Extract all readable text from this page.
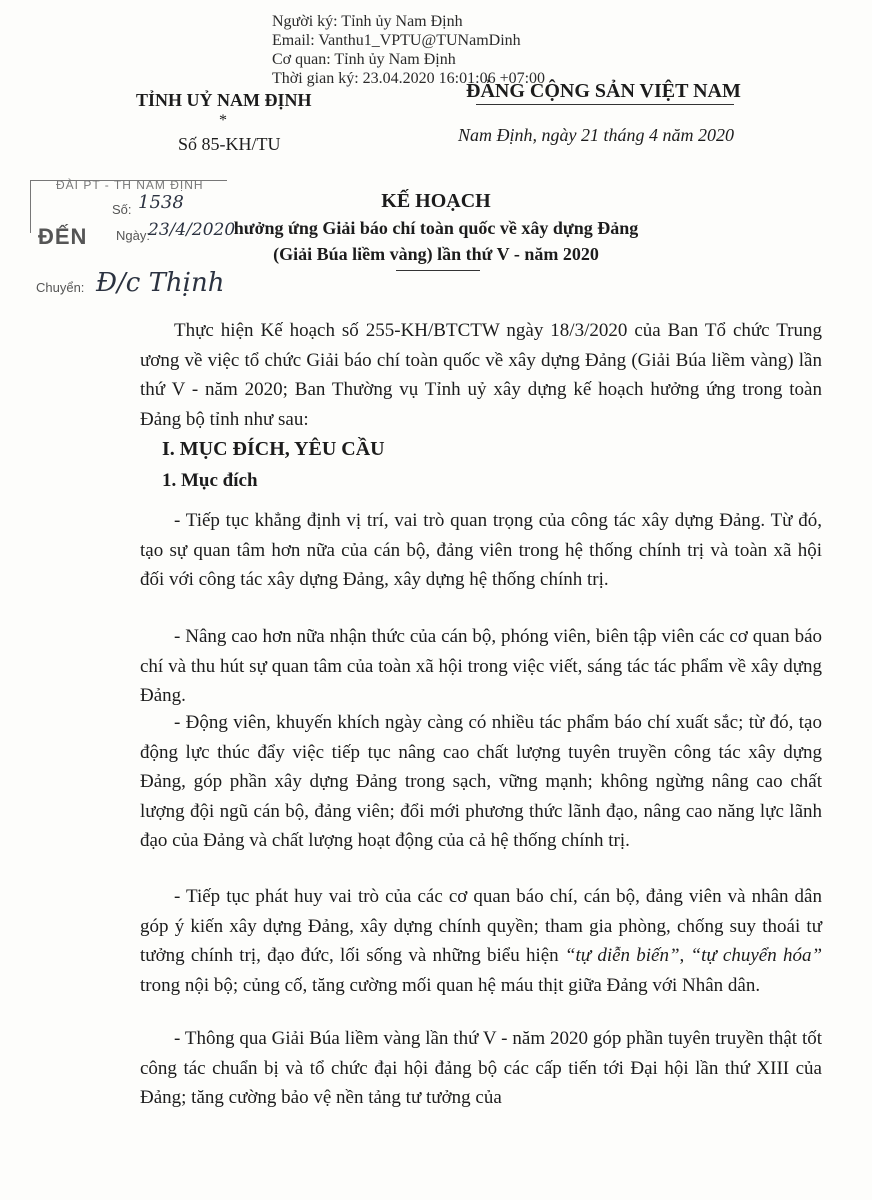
Người ký: Tỉnh ủy Nam Định
Email: Vanthu1_VPTU@TUNamDinh
Cơ quan: Tỉnh ủy Nam Định
Thời gian ký: 23.04.2020 16:01:06 +07:00
TỈNH UỶ NAM ĐỊNH
*
Số 85-KH/TU
ĐẢNG CỘNG SẢN VIỆT NAM
Nam Định, ngày 21 tháng 4 năm 2020
ĐÀI PT - TH NAM ĐỊNH
Số: 1538
ĐẾN Ngày:
23/4/2020
Chuyển: Đ/c Thịnh
KẾ HOẠCH
hưởng ứng Giải báo chí toàn quốc về xây dựng Đảng
(Giải Búa liềm vàng) lần thứ V - năm 2020

Thực hiện Kế hoạch số 255-KH/BTCTW ngày 18/3/2020 của Ban Tổ chức Trung ương về việc tổ chức Giải báo chí toàn quốc về xây dựng Đảng (Giải Búa liềm vàng) lần thứ V - năm 2020; Ban Thường vụ Tỉnh uỷ xây dựng kế hoạch hưởng ứng trong toàn Đảng bộ tỉnh như sau:

I. MỤC ĐÍCH, YÊU CẦU
1. Mục đích

- Tiếp tục khẳng định vị trí, vai trò quan trọng của công tác xây dựng Đảng. Từ đó, tạo sự quan tâm hơn nữa của cán bộ, đảng viên trong hệ thống chính trị và toàn xã hội đối với công tác xây dựng Đảng, xây dựng hệ thống chính trị.

- Nâng cao hơn nữa nhận thức của cán bộ, phóng viên, biên tập viên các cơ quan báo chí và thu hút sự quan tâm của toàn xã hội trong việc viết, sáng tác tác phẩm về xây dựng Đảng.

- Động viên, khuyến khích ngày càng có nhiều tác phẩm báo chí xuất sắc; từ đó, tạo động lực thúc đẩy việc tiếp tục nâng cao chất lượng tuyên truyền công tác xây dựng Đảng, góp phần xây dựng Đảng trong sạch, vững mạnh; không ngừng nâng cao chất lượng đội ngũ cán bộ, đảng viên; đổi mới phương thức lãnh đạo, nâng cao năng lực lãnh đạo của Đảng và chất lượng hoạt động của cả hệ thống chính trị.

- Tiếp tục phát huy vai trò của các cơ quan báo chí, cán bộ, đảng viên và nhân dân góp ý kiến xây dựng Đảng, xây dựng chính quyền; tham gia phòng, chống suy thoái tư tưởng chính trị, đạo đức, lối sống và những biểu hiện “tự diễn biến”, “tự chuyển hóa” trong nội bộ; củng cố, tăng cường mối quan hệ máu thịt giữa Đảng với Nhân dân.

- Thông qua Giải Búa liềm vàng lần thứ V - năm 2020 góp phần tuyên truyền thật tốt công tác chuẩn bị và tổ chức đại hội đảng bộ các cấp tiến tới Đại hội lần thứ XIII của Đảng; tăng cường bảo vệ nền tảng tư tưởng của
